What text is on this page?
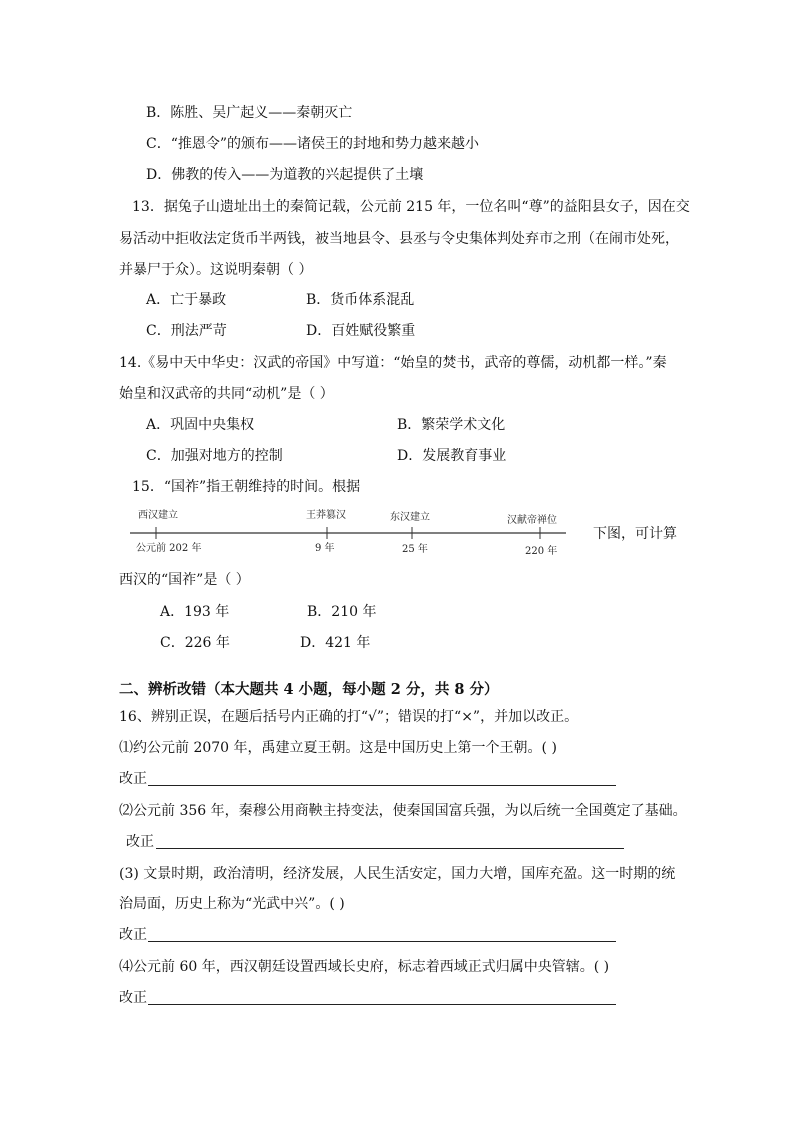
B．陈胜、吴广起义——秦朝灭亡
C．“推恩令”的颁布——诸侯王的封地和势力越来越小
D．佛教的传入——为道教的兴起提供了土壤
13．据兔子山遗址出土的秦简记载，公元前 215 年，一位名叫“尊”的益阳县女子，因在交
易活动中拒收法定货币半两钱，被当地县令、县丞与令史集体判处弃市之刑（在闹市处死，
并暴尸于众）。这说明秦朝（ ）
A．亡于暴政	B．货币体系混乱
C．刑法严苛	D．百姓赋役繁重
14.《易中天中华史：汉武的帝国》中写道：“始皇的焚书，武帝的尊儒，动机都一样。”秦
始皇和汉武帝的共同“动机”是（ ）
A．巩固中央集权	B．繁荣学术文化
C．加强对地方的控制	D．发展教育事业
15．“国祚”指王朝维持的时间。根据
西汉建立
公元前 202 年
王莽篡汉
9 年
东汉建立
25 年
汉献帝禅位
220 年
下图，可计算
西汉的“国祚”是（ ）
A．193 年	B．210 年
C．226 年	D．421 年
二、辨析改错（本大题共 4 小题，每小题 2 分，共 8 分）
16、辨别正误，在题后括号内正确的打“√”；错误的打“×”，并加以改正。
⑴约公元前 2070 年，禹建立夏王朝。这是中国历史上第一个王朝。( )
改正
⑵公元前 356 年，秦穆公用商鞅主持变法，使秦国国富兵强，为以后统一全国奠定了基础。
改正
(3) 文景时期，政治清明，经济发展，人民生活安定，国力大增，国库充盈。这一时期的统
治局面，历史上称为“光武中兴”。( )
改正
⑷公元前 60 年，西汉朝廷设置西域长史府，标志着西域正式归属中央管辖。( )
改正
